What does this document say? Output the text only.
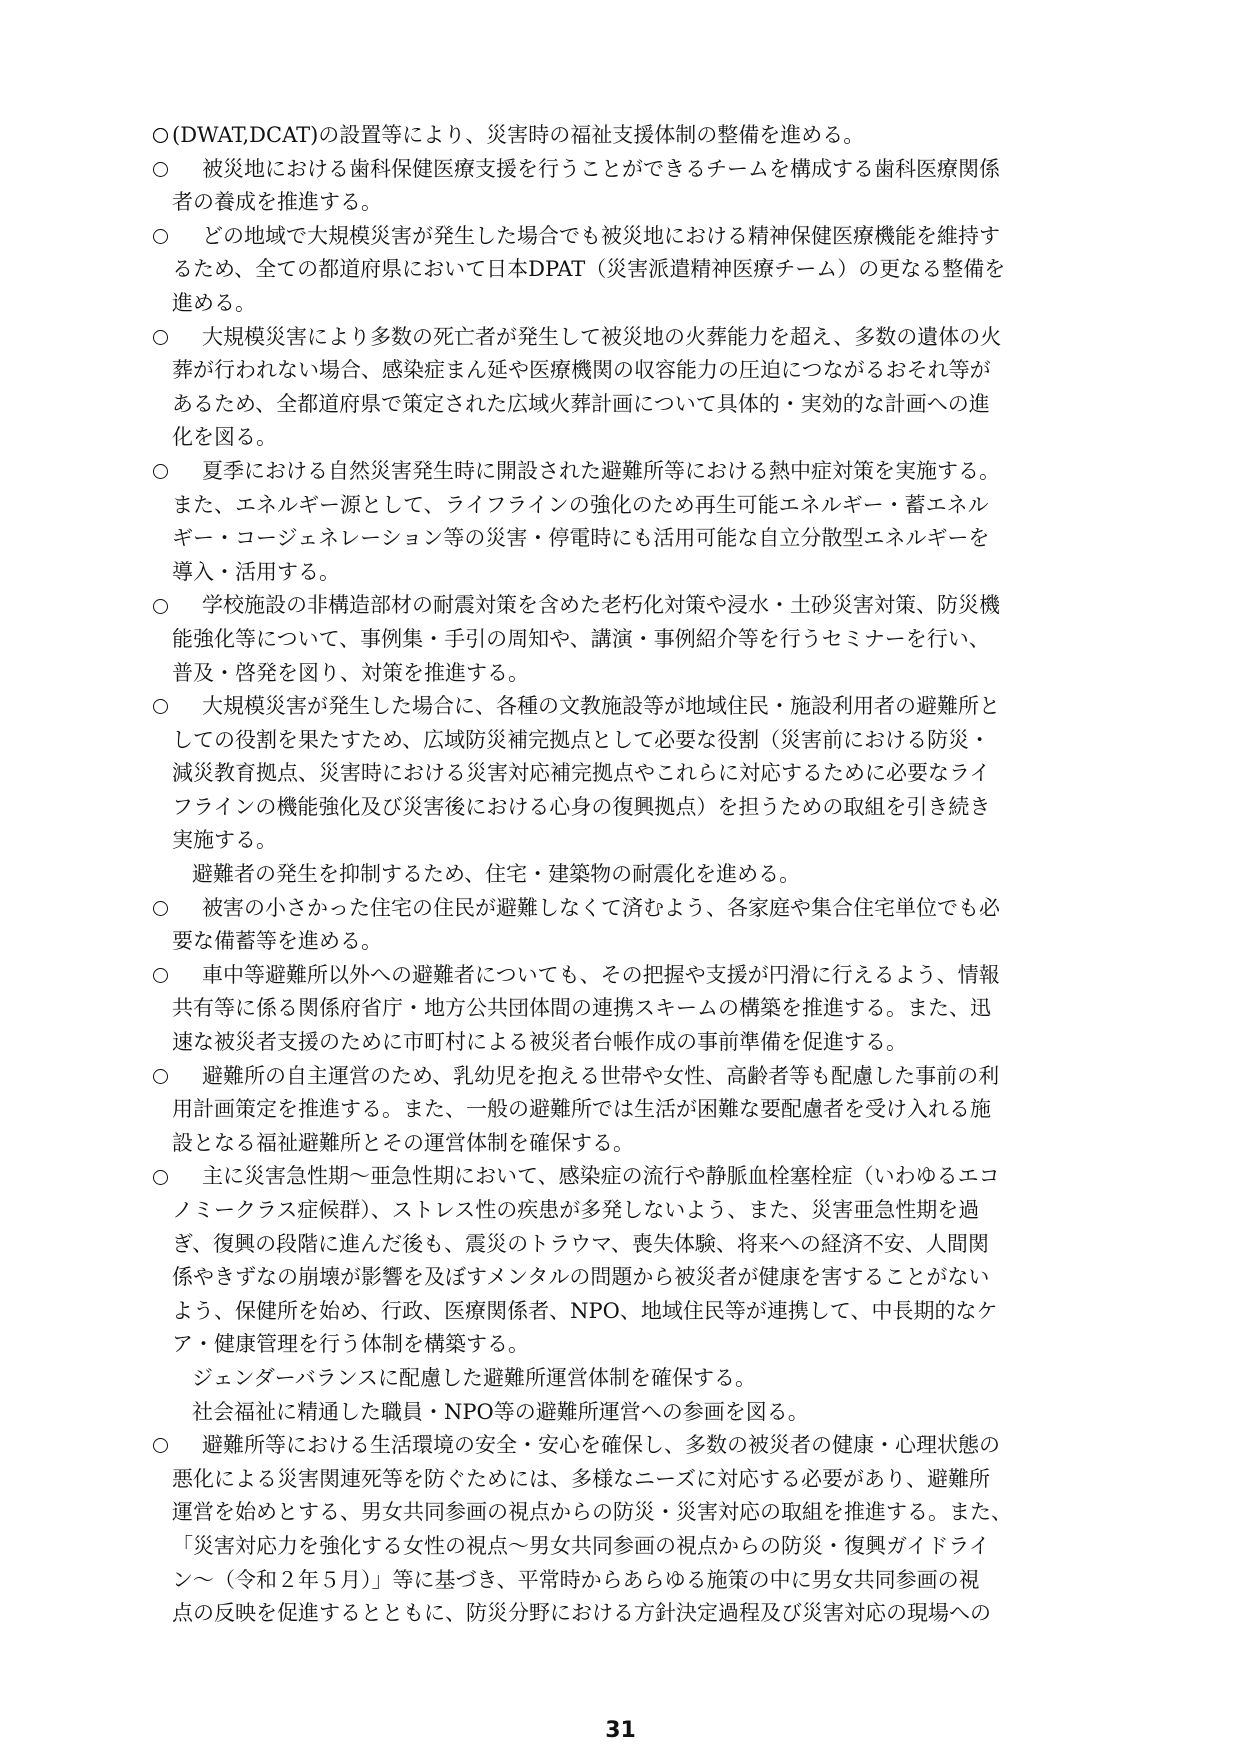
(DWAT,DCAT)の設置等により、災害時の福祉支援体制の整備を進める。
被災地における歯科保健医療支援を行うことができるチームを構成する歯科医療関係
者の養成を推進する。
どの地域で大規模災害が発生した場合でも被災地における精神保健医療機能を維持す
るため、全ての都道府県において日本DPAT（災害派遣精神医療チーム）の更なる整備を
進める。
大規模災害により多数の死亡者が発生して被災地の火葬能力を超え、多数の遺体の火
葬が行われない場合、感染症まん延や医療機関の収容能力の圧迫につながるおそれ等が
あるため、全都道府県で策定された広域火葬計画について具体的・実効的な計画への進
化を図る。
夏季における自然災害発生時に開設された避難所等における熱中症対策を実施する。
また、エネルギー源として、ライフラインの強化のため再生可能エネルギー・蓄エネル
ギー・コージェネレーション等の災害・停電時にも活用可能な自立分散型エネルギーを
導入・活用する。
学校施設の非構造部材の耐震対策を含めた老朽化対策や浸水・土砂災害対策、防災機
能強化等について、事例集・手引の周知や、講演・事例紹介等を行うセミナーを行い、
普及・啓発を図り、対策を推進する。
大規模災害が発生した場合に、各種の文教施設等が地域住民・施設利用者の避難所と
しての役割を果たすため、広域防災補完拠点として必要な役割（災害前における防災・
減災教育拠点、災害時における災害対応補完拠点やこれらに対応するために必要なライ
フラインの機能強化及び災害後における心身の復興拠点）を担うための取組を引き続き
実施する。
避難者の発生を抑制するため、住宅・建築物の耐震化を進める。
被害の小さかった住宅の住民が避難しなくて済むよう、各家庭や集合住宅単位でも必
要な備蓄等を進める。
車中等避難所以外への避難者についても、その把握や支援が円滑に行えるよう、情報
共有等に係る関係府省庁・地方公共団体間の連携スキームの構築を推進する。また、迅
速な被災者支援のために市町村による被災者台帳作成の事前準備を促進する。
避難所の自主運営のため、乳幼児を抱える世帯や女性、高齢者等も配慮した事前の利
用計画策定を推進する。また、一般の避難所では生活が困難な要配慮者を受け入れる施
設となる福祉避難所とその運営体制を確保する。
主に災害急性期～亜急性期において、感染症の流行や静脈血栓塞栓症（いわゆるエコ
ノミークラス症候群）、ストレス性の疾患が多発しないよう、また、災害亜急性期を過
ぎ、復興の段階に進んだ後も、震災のトラウマ、喪失体験、将来への経済不安、人間関
係やきずなの崩壊が影響を及ぼすメンタルの問題から被災者が健康を害することがない
よう、保健所を始め、行政、医療関係者、NPO、地域住民等が連携して、中長期的なケ
ア・健康管理を行う体制を構築する。
ジェンダーバランスに配慮した避難所運営体制を確保する。
社会福祉に精通した職員・NPO等の避難所運営への参画を図る。
避難所等における生活環境の安全・安心を確保し、多数の被災者の健康・心理状態の
悪化による災害関連死等を防ぐためには、多様なニーズに対応する必要があり、避難所
運営を始めとする、男女共同参画の視点からの防災・災害対応の取組を推進する。また、
「災害対応力を強化する女性の視点～男女共同参画の視点からの防災・復興ガイドライ
ン～（令和２年５月）」等に基づき、平常時からあらゆる施策の中に男女共同参画の視
点の反映を促進するとともに、防災分野における方針決定過程及び災害対応の現場への
31
